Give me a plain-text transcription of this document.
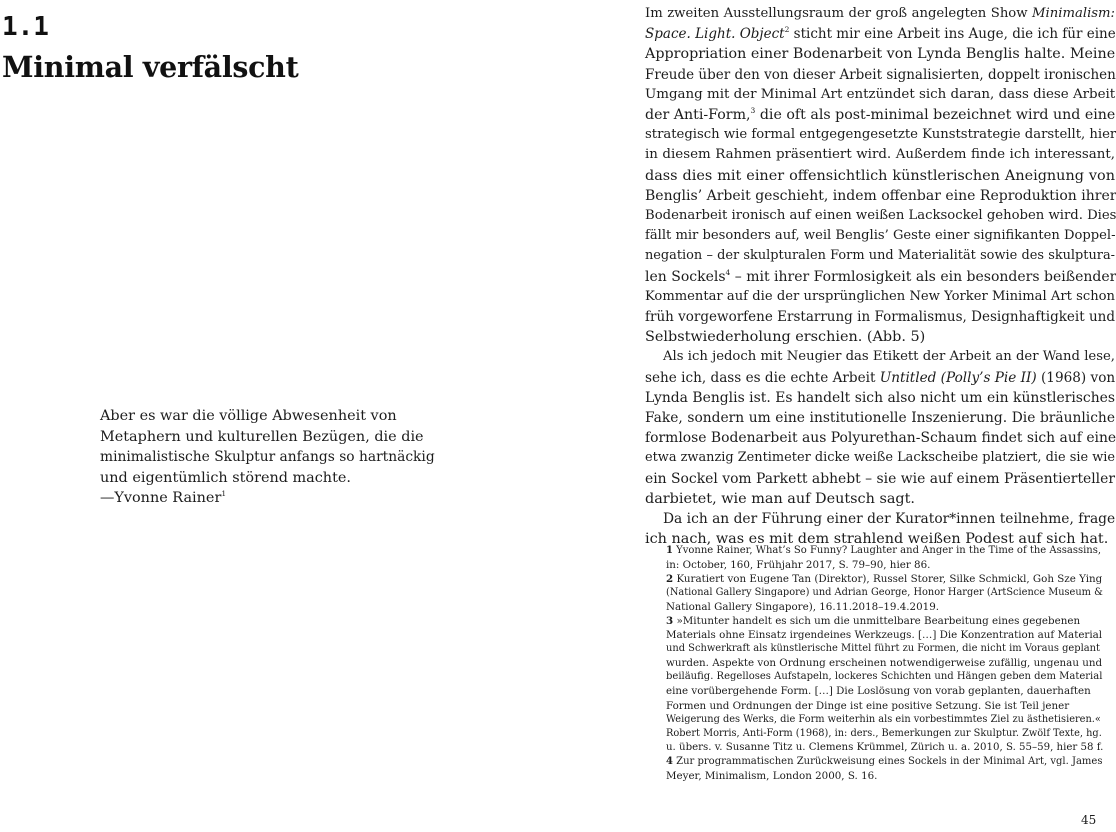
1.1
Minimal verfälscht
Aber es war die völlige Abwesenheit von
Metaphern und kulturellen Bezügen, die die
minimalistische Skulptur anfangs so hartnäckig
und eigentümlich störend machte.
—Yvonne Rainer$^1$
Im zweiten Ausstellungsraum der groß angelegten Show Minimalism:
Space. Light. Object$^2$ sticht mir eine Arbeit ins Auge, die ich für eine
Appropriation einer Bodenarbeit von Lynda Benglis halte. Meine
Freude über den von dieser Arbeit signalisierten, doppelt ironischen
Umgang mit der Minimal Art entzündet sich daran, dass diese Arbeit
der Anti-Form,$^3$ die oft als post-minimal bezeichnet wird und eine
strategisch wie formal entgegengesetzte Kunststrategie darstellt, hier
in diesem Rahmen präsentiert wird. Außerdem finde ich interessant,
dass dies mit einer offensichtlich künstlerischen Aneignung von
Benglis’ Arbeit geschieht, indem offenbar eine Reproduktion ihrer
Bodenarbeit ironisch auf einen weißen Lacksockel gehoben wird. Dies
fällt mir besonders auf, weil Benglis’ Geste einer signifikanten Doppel-
negation – der skulpturalen Form und Materialität sowie des skulptura-
len Sockels$^4$ – mit ihrer Formlosigkeit als ein besonders beißender
Kommentar auf die der ursprünglichen New Yorker Minimal Art schon
früh vorgeworfene Erstarrung in Formalismus, Designhaftigkeit und
Selbstwiederholung erschien. (Abb. 5)
Als ich jedoch mit Neugier das Etikett der Arbeit an der Wand lese,
sehe ich, dass es die echte Arbeit Untitled (Polly’s Pie II) (1968) von
Lynda Benglis ist. Es handelt sich also nicht um ein künstlerisches
Fake, sondern um eine institutionelle Inszenierung. Die bräunliche
formlose Bodenarbeit aus Polyurethan-Schaum findet sich auf eine
etwa zwanzig Zentimeter dicke weiße Lackscheibe platziert, die sie wie
ein Sockel vom Parkett abhebt – sie wie auf einem Präsentierteller
darbietet, wie man auf Deutsch sagt.
Da ich an der Führung einer der Kurator*innen teilnehme, frage
ich nach, was es mit dem strahlend weißen Podest auf sich hat.
1 Yvonne Rainer, What’s So Funny? Laughter and Anger in the Time of the Assassins,
in: October, 160, Frühjahr 2017, S. 79–90, hier 86.
2 Kuratiert von Eugene Tan (Direktor), Russel Storer, Silke Schmickl, Goh Sze Ying
(National Gallery Singapore) und Adrian George, Honor Harger (ArtScience Museum &
National Gallery Singapore), 16.11.2018–19.4.2019.
3 »Mitunter handelt es sich um die unmittelbare Bearbeitung eines gegebenen
Materials ohne Einsatz irgendeines Werkzeugs. […] Die Konzentration auf Material
und Schwerkraft als künstlerische Mittel führt zu Formen, die nicht im Voraus geplant
wurden. Aspekte von Ordnung erscheinen notwendigerweise zufällig, ungenau und
beiläufig. Regelloses Aufstapeln, lockeres Schichten und Hängen geben dem Material
eine vorübergehende Form. […] Die Loslösung von vorab geplanten, dauerhaften
Formen und Ordnungen der Dinge ist eine positive Setzung. Sie ist Teil jener
Weigerung des Werks, die Form weiterhin als ein vorbestimmtes Ziel zu ästhetisieren.«
Robert Morris, Anti-Form (1968), in: ders., Bemerkungen zur Skulptur. Zwölf Texte, hg.
u. übers. v. Susanne Titz u. Clemens Krümmel, Zürich u. a. 2010, S. 55–59, hier 58 f.
4 Zur programmatischen Zurückweisung eines Sockels in der Minimal Art, vgl. James
Meyer, Minimalism, London 2000, S. 16.
45
